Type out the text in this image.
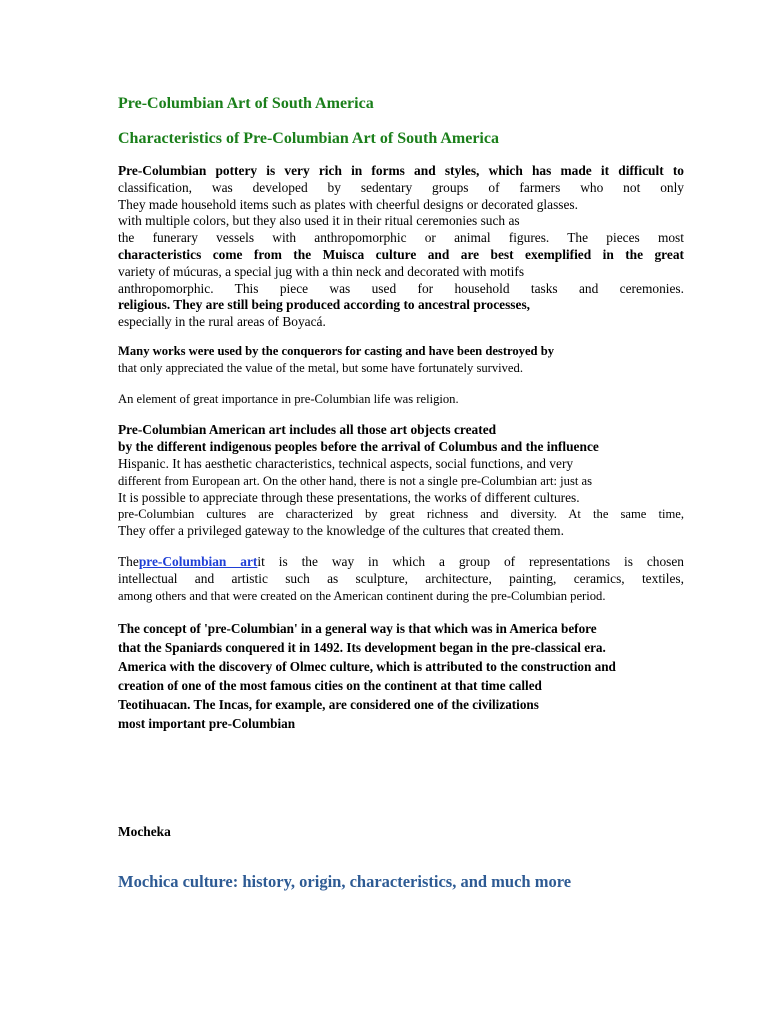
Pre-Columbian Art of South America
Characteristics of Pre-Columbian Art of South America
Pre-Columbian pottery is very rich in forms and styles, which has made it difficult to
classification, was developed by sedentary groups of farmers who not only
They made household items such as plates with cheerful designs or decorated glasses.
with multiple colors, but they also used it in their ritual ceremonies such as
the funerary vessels with anthropomorphic or animal figures. The pieces most
characteristics come from the Muisca culture and are best exemplified in the great
variety of múcuras, a special jug with a thin neck and decorated with motifs
anthropomorphic. This piece was used for household tasks and ceremonies.
religious. They are still being produced according to ancestral processes,
especially in the rural areas of Boyacá.
Many works were used by the conquerors for casting and have been destroyed by
that only appreciated the value of the metal, but some have fortunately survived.
An element of great importance in pre-Columbian life was religion.
Pre-Columbian American art includes all those art objects created
by the different indigenous peoples before the arrival of Columbus and the influence
Hispanic. It has aesthetic characteristics, technical aspects, social functions, and very
different from European art. On the other hand, there is not a single pre-Columbian art: just as
It is possible to appreciate through these presentations, the works of different cultures.
pre-Columbian cultures are characterized by great richness and diversity. At the same time,
They offer a privileged gateway to the knowledge of the cultures that created them.
Thepre-Columbian artit is the way in which a group of representations is chosen
intellectual and artistic such as sculpture, architecture, painting, ceramics, textiles,
among others and that were created on the American continent during the pre-Columbian period.
The concept of 'pre-Columbian' in a general way is that which was in America before
that the Spaniards conquered it in 1492. Its development began in the pre-classical era.
America with the discovery of Olmec culture, which is attributed to the construction and
creation of one of the most famous cities on the continent at that time called
Teotihuacan. The Incas, for example, are considered one of the civilizations
most important pre-Columbian
Mocheka
Mochica culture: history, origin, characteristics, and much more
